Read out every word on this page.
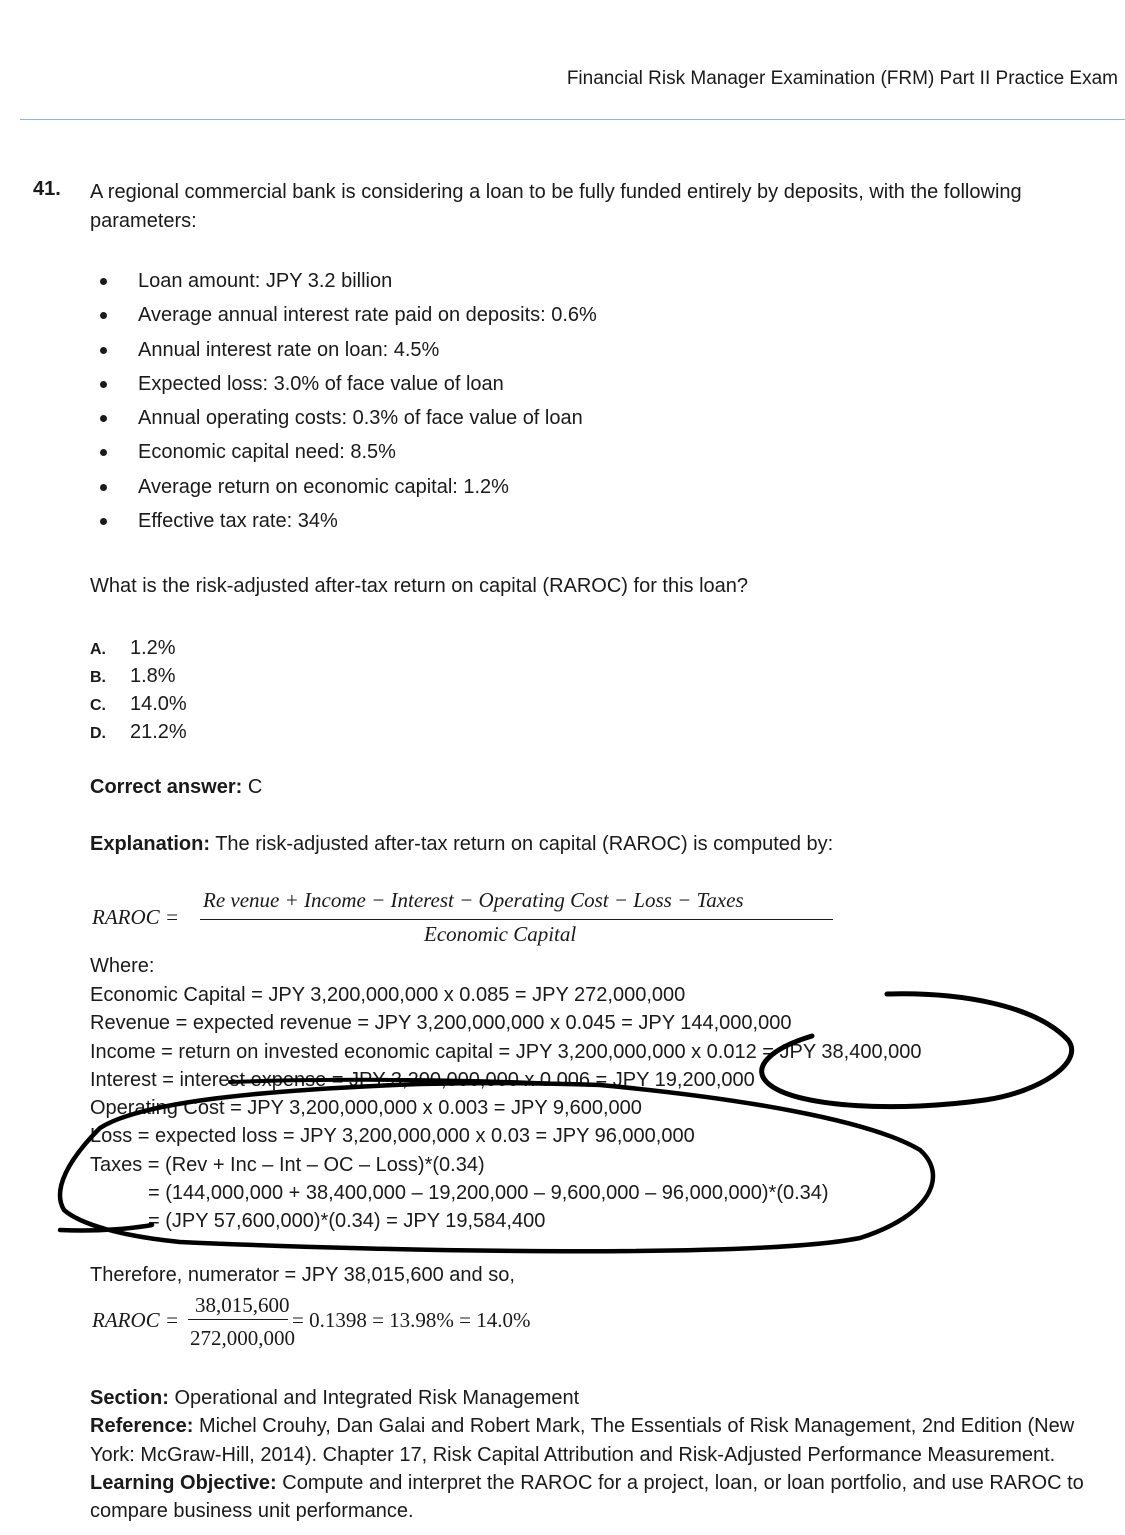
Financial Risk Manager Examination (FRM) Part II Practice Exam
41. A regional commercial bank is considering a loan to be fully funded entirely by deposits, with the following parameters:
Loan amount: JPY 3.2 billion
Average annual interest rate paid on deposits: 0.6%
Annual interest rate on loan: 4.5%
Expected loss: 3.0% of face value of loan
Annual operating costs: 0.3% of face value of loan
Economic capital need: 8.5%
Average return on economic capital: 1.2%
Effective tax rate: 34%
What is the risk-adjusted after-tax return on capital (RAROC) for this loan?
A. 1.2%
B. 1.8%
C. 14.0%
D. 21.2%
Correct answer: C
Explanation: The risk-adjusted after-tax return on capital (RAROC) is computed by:
RAROC =
Re venue + Income − Interest − Operating Cost − Loss − Taxes
Economic Capital
Where:
Economic Capital = JPY 3,200,000,000 x 0.085 = JPY 272,000,000
Revenue = expected revenue = JPY 3,200,000,000 x 0.045 = JPY 144,000,000
Income = return on invested economic capital = JPY 3,200,000,000 x 0.012 = JPY 38,400,000
Interest = interest expense = JPY 3,200,000,000 x 0.006 = JPY 19,200,000
Operating Cost = JPY 3,200,000,000 x 0.003 = JPY 9,600,000
Loss = expected loss = JPY 3,200,000,000 x 0.03 = JPY 96,000,000
Taxes = (Rev + Inc – Int – OC – Loss)*(0.34)
= (144,000,000 + 38,400,000 – 19,200,000 – 9,600,000 – 96,000,000)*(0.34)
= (JPY 57,600,000)*(0.34) = JPY 19,584,400
Therefore, numerator = JPY 38,015,600 and so,
RAROC =
38,015,600
272,000,000
= 0.1398 = 13.98% = 14.0%

Section: Operational and Integrated Risk Management

Reference: Michel Crouhy, Dan Galai and Robert Mark, The Essentials of Risk Management, 2nd Edition (New York: McGraw-Hill, 2014). Chapter 17, Risk Capital Attribution and Risk-Adjusted Performance Measurement.

Learning Objective: Compute and interpret the RAROC for a project, loan, or loan portfolio, and use RAROC to compare business unit performance.
